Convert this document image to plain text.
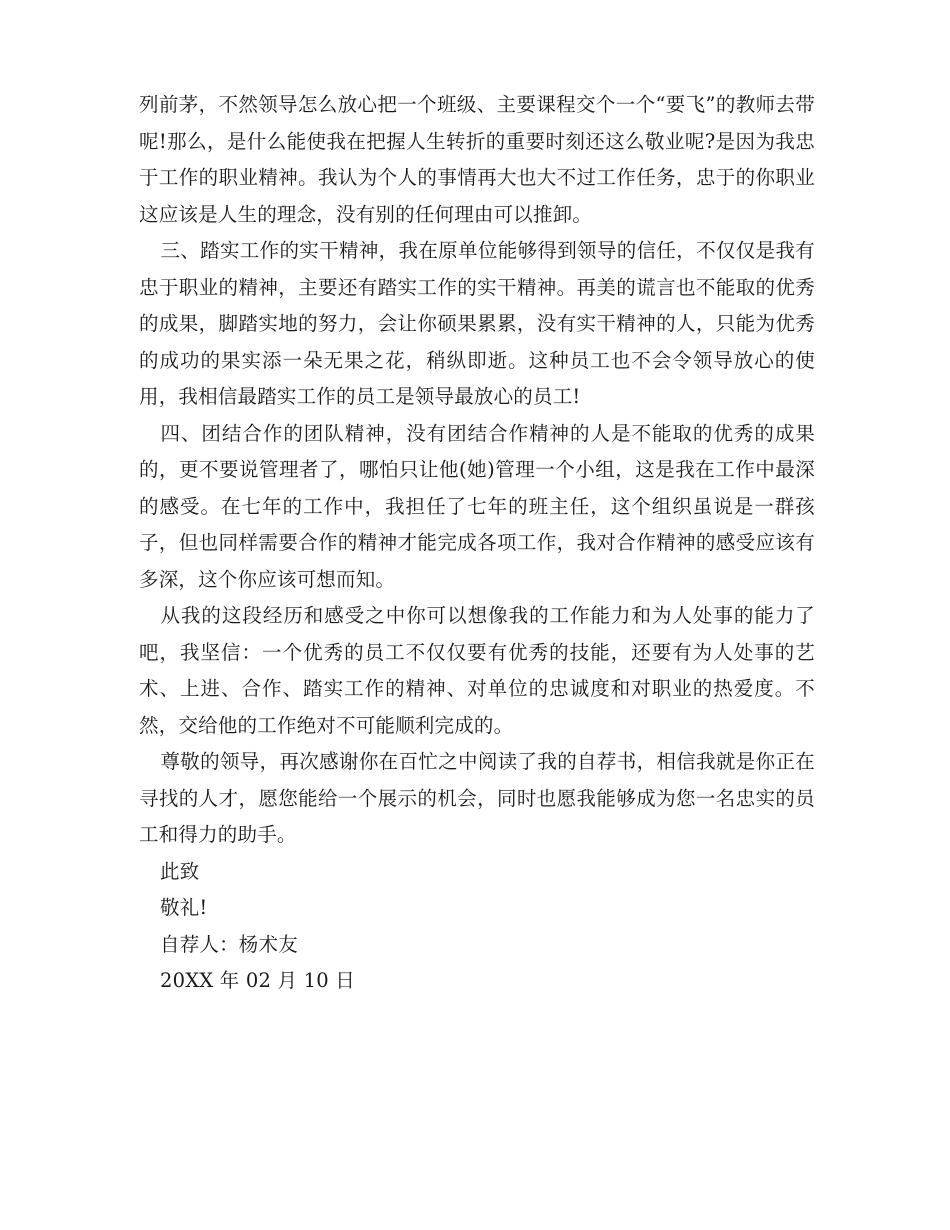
列前茅，不然领导怎么放心把一个班级、主要课程交个一个“要飞”的教师去带呢!那么，是什么能使我在把握人生转折的重要时刻还这么敬业呢?是因为我忠于工作的职业精神。我认为个人的事情再大也大不过工作任务，忠于的你职业这应该是人生的理念，没有别的任何理由可以推卸。

三、踏实工作的实干精神，我在原单位能够得到领导的信任，不仅仅是我有忠于职业的精神，主要还有踏实工作的实干精神。再美的谎言也不能取的优秀的成果，脚踏实地的努力，会让你硕果累累，没有实干精神的人，只能为优秀的成功的果实添一朵无果之花，稍纵即逝。这种员工也不会令领导放心的使用，我相信最踏实工作的员工是领导最放心的员工!

四、团结合作的团队精神，没有团结合作精神的人是不能取的优秀的成果的，更不要说管理者了，哪怕只让他(她)管理一个小组，这是我在工作中最深的感受。在七年的工作中，我担任了七年的班主任，这个组织虽说是一群孩子，但也同样需要合作的精神才能完成各项工作，我对合作精神的感受应该有多深，这个你应该可想而知。

从我的这段经历和感受之中你可以想像我的工作能力和为人处事的能力了吧，我坚信：一个优秀的员工不仅仅要有优秀的技能，还要有为人处事的艺术、上进、合作、踏实工作的精神、对单位的忠诚度和对职业的热爱度。不然，交给他的工作绝对不可能顺利完成的。

尊敬的领导，再次感谢你在百忙之中阅读了我的自荐书，相信我就是你正在寻找的人才，愿您能给一个展示的机会，同时也愿我能够成为您一名忠实的员工和得力的助手。

此致

敬礼!

自荐人：杨术友

20XX 年 02 月 10 日
